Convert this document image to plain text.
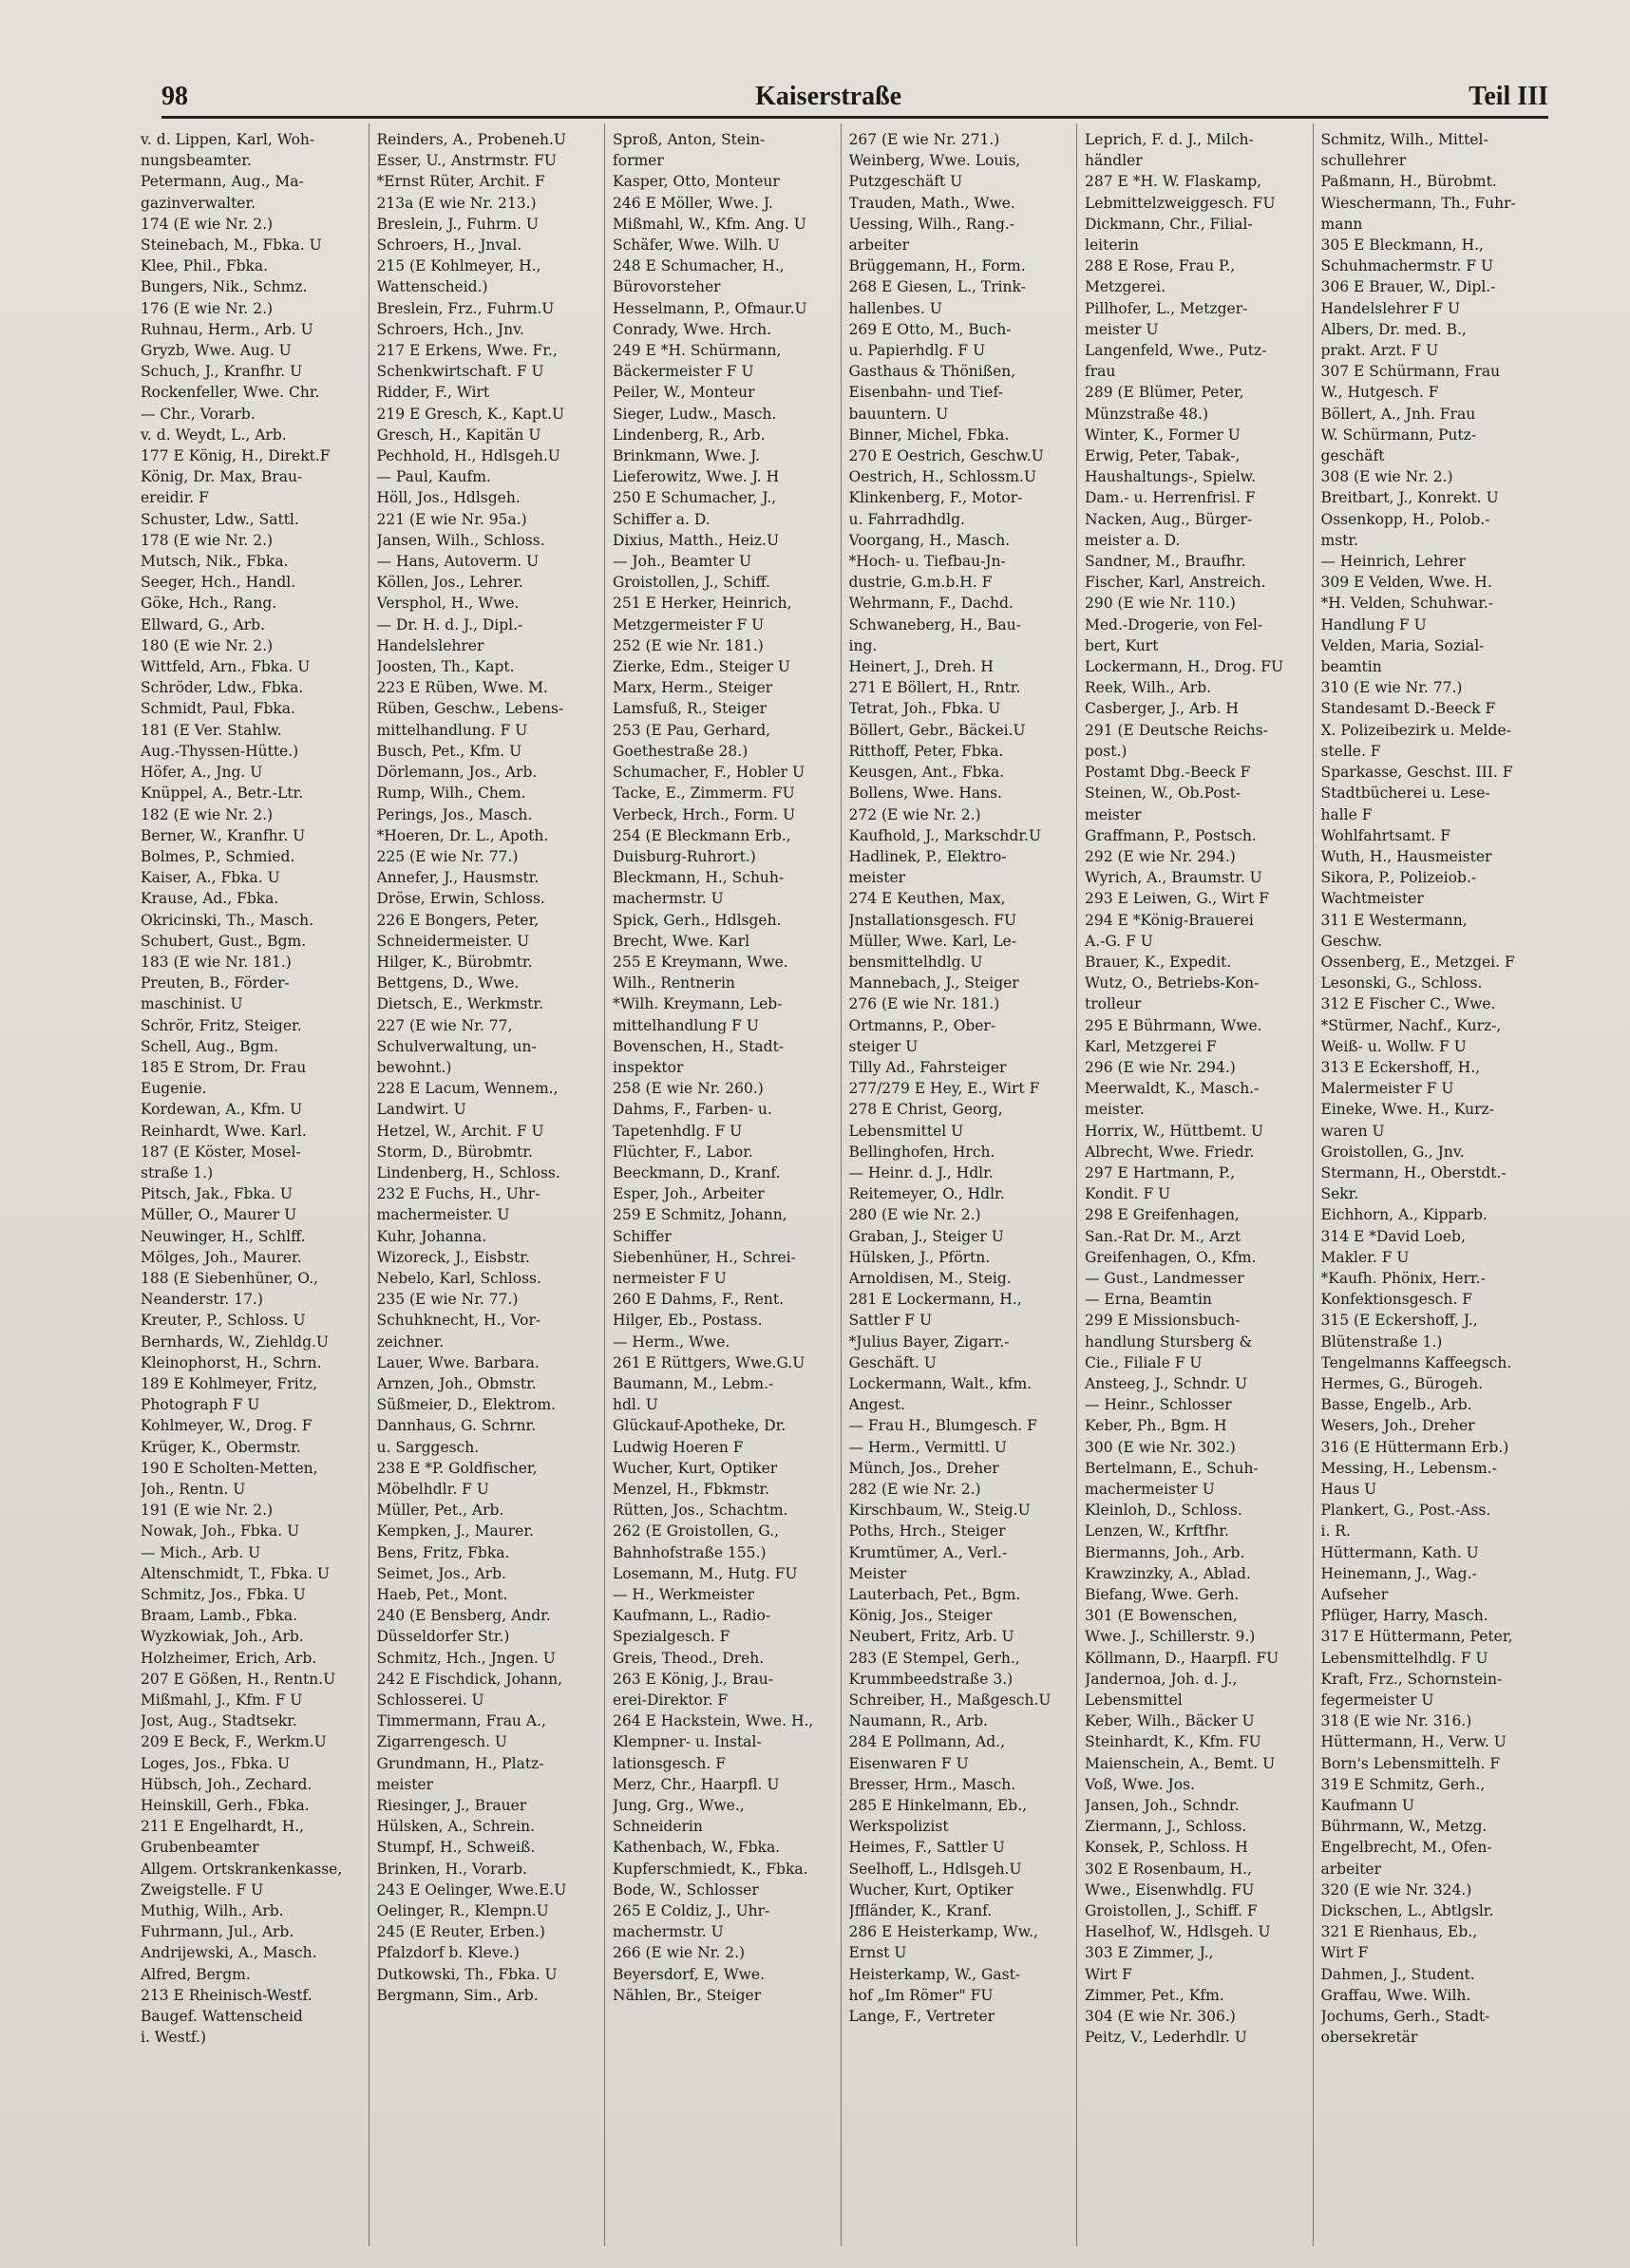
98	Kaiserstraße	Teil III
v. d. Lippen, Karl, Woh-
nungsbeamter.
Petermann, Aug., Ma-
gazinverwalter.
174 (E wie Nr. 2.)
Steinebach, M., Fbka. U
Klee, Phil., Fbka.
Bungers, Nik., Schmz.
176 (E wie Nr. 2.)
Ruhnau, Herm., Arb. U
Gryzb, Wwe. Aug. U
Schuch, J., Kranfhr. U
Rockenfeller, Wwe. Chr.
— Chr., Vorarb.
v. d. Weydt, L., Arb.
177 E König, H., Direkt.F
König, Dr. Max, Brau-
ereidir. F
Schuster, Ldw., Sattl.
178 (E wie Nr. 2.)
Mutsch, Nik., Fbka.
Seeger, Hch., Handl.
Göke, Hch., Rang.
Ellward, G., Arb.
180 (E wie Nr. 2.)
Wittfeld, Arn., Fbka. U
Schröder, Ldw., Fbka.
Schmidt, Paul, Fbka.
181 (E Ver. Stahlw.
Aug.-Thyssen-Hütte.)
Höfer, A., Jng. U
Knüppel, A., Betr.-Ltr.
182 (E wie Nr. 2.)
Berner, W., Kranfhr. U
Bolmes, P., Schmied.
Kaiser, A., Fbka. U
Krause, Ad., Fbka.
Okricinski, Th., Masch.
Schubert, Gust., Bgm.
183 (E wie Nr. 181.)
Preuten, B., Förder-
maschinist. U
Schrör, Fritz, Steiger.
Schell, Aug., Bgm.
185 E Strom, Dr. Frau
Eugenie.
Kordewan, A., Kfm. U
Reinhardt, Wwe. Karl.
187 (E Köster, Mosel-
straße 1.)
Pitsch, Jak., Fbka. U
Müller, O., Maurer U
Neuwinger, H., Schlff.
Mölges, Joh., Maurer.
188 (E Siebenhüner, O.,
Neanderstr. 17.)
Kreuter, P., Schloss. U
Bernhards, W., Ziehldg.U
Kleinophorst, H., Schrn.
189 E Kohlmeyer, Fritz,
Photograph F U
Kohlmeyer, W., Drog. F
Krüger, K., Obermstr.
190 E Scholten-Metten,
Joh., Rentn. U
191 (E wie Nr. 2.)
Nowak, Joh., Fbka. U
— Mich., Arb. U
Altenschmidt, T., Fbka. U
Schmitz, Jos., Fbka. U
Braam, Lamb., Fbka.
Wyzkowiak, Joh., Arb.
Holzheimer, Erich, Arb.
207 E Gößen, H., Rentn.U
Mißmahl, J., Kfm. F U
Jost, Aug., Stadtsekr.
209 E Beck, F., Werkm.U
Loges, Jos., Fbka. U
Hübsch, Joh., Zechard.
Heinskill, Gerh., Fbka.
211 E Engelhardt, H.,
Grubenbeamter
Allgem. Ortskrankenkasse,
Zweigstelle. F U
Muthig, Wilh., Arb.
Fuhrmann, Jul., Arb.
Andrijewski, A., Masch.
Alfred, Bergm.
213 E Rheinisch-Westf.
Baugef. Wattenscheid
i. Westf.)
Reinders, A., Probeneh.U
Esser, U., Anstrmstr. FU
*Ernst Rüter, Archit. F
213a (E wie Nr. 213.)
Breslein, J., Fuhrm. U
Schroers, H., Jnval.
215 (E Kohlmeyer, H.,
Wattenscheid.)
Breslein, Frz., Fuhrm.U
Schroers, Hch., Jnv.
217 E Erkens, Wwe. Fr.,
Schenkwirtschaft. F U
Ridder, F., Wirt
219 E Gresch, K., Kapt.U
Gresch, H., Kapitän U
Pechhold, H., Hdlsgeh.U
— Paul, Kaufm.
Höll, Jos., Hdlsgeh.
221 (E wie Nr. 95a.)
Jansen, Wilh., Schloss.
— Hans, Autoverm. U
Köllen, Jos., Lehrer.
Versphol, H., Wwe.
— Dr. H. d. J., Dipl.-
Handelslehrer
Joosten, Th., Kapt.
223 E Rüben, Wwe. M.
Rüben, Geschw., Lebens-
mittelhandlung. F U
Busch, Pet., Kfm. U
Dörlemann, Jos., Arb.
Rump, Wilh., Chem.
Perings, Jos., Masch.
*Hoeren, Dr. L., Apoth.
225 (E wie Nr. 77.)
Annefer, J., Hausmstr.
Dröse, Erwin, Schloss.
226 E Bongers, Peter,
Schneidermeister. U
Hilger, K., Bürobmtr.
Bettgens, D., Wwe.
Dietsch, E., Werkmstr.
227 (E wie Nr. 77,
Schulverwaltung, un-
bewohnt.)
228 E Lacum, Wennem.,
Landwirt. U
Hetzel, W., Archit. F U
Storm, D., Bürobmtr.
Lindenberg, H., Schloss.
232 E Fuchs, H., Uhr-
machermeister. U
Kuhr, Johanna.
Wizoreck, J., Eisbstr.
Nebelo, Karl, Schloss.
235 (E wie Nr. 77.)
Schuhknecht, H., Vor-
zeichner.
Lauer, Wwe. Barbara.
Arnzen, Joh., Obmstr.
Süßmeier, D., Elektrom.
Dannhaus, G. Schrnr.
u. Sarggesch.
238 E *P. Goldfischer,
Möbelhdlr. F U
Müller, Pet., Arb.
Kempken, J., Maurer.
Bens, Fritz, Fbka.
Seimet, Jos., Arb.
Haeb, Pet., Mont.
240 (E Bensberg, Andr.
Düsseldorfer Str.)
Schmitz, Hch., Jngen. U
242 E Fischdick, Johann,
Schlosserei. U
Timmermann, Frau A.,
Zigarrengesch. U
Grundmann, H., Platz-
meister
Riesinger, J., Brauer
Hülsken, A., Schrein.
Stumpf, H., Schweiß.
Brinken, H., Vorarb.
243 E Oelinger, Wwe.E.U
Oelinger, R., Klempn.U
245 (E Reuter, Erben.)
Pfalzdorf b. Kleve.)
Dutkowski, Th., Fbka. U
Bergmann, Sim., Arb.
Sproß, Anton, Stein-
former
Kasper, Otto, Monteur
246 E Möller, Wwe. J.
Mißmahl, W., Kfm. Ang. U
Schäfer, Wwe. Wilh. U
248 E Schumacher, H.,
Bürovorsteher
Hesselmann, P., Ofmaur.U
Conrady, Wwe. Hrch.
249 E *H. Schürmann,
Bäckermeister F U
Peiler, W., Monteur
Sieger, Ludw., Masch.
Lindenberg, R., Arb.
Brinkmann, Wwe. J.
Lieferowitz, Wwe. J. H
250 E Schumacher, J.,
Schiffer a. D.
Dixius, Matth., Heiz.U
— Joh., Beamter U
Groistollen, J., Schiff.
251 E Herker, Heinrich,
Metzgermeister F U
252 (E wie Nr. 181.)
Zierke, Edm., Steiger U
Marx, Herm., Steiger
Lamsfuß, R., Steiger
253 (E Pau, Gerhard,
Goethestraße 28.)
Schumacher, F., Hobler U
Tacke, E., Zimmerm. FU
Verbeck, Hrch., Form. U
254 (E Bleckmann Erb.,
Duisburg-Ruhrort.)
Bleckmann, H., Schuh-
machermstr. U
Spick, Gerh., Hdlsgeh.
Brecht, Wwe. Karl
255 E Kreymann, Wwe.
Wilh., Rentnerin
*Wilh. Kreymann, Leb-
mittelhandlung F U
Bovenschen, H., Stadt-
inspektor
258 (E wie Nr. 260.)
Dahms, F., Farben- u.
Tapetenhdlg. F U
Flüchter, F., Labor.
Beeckmann, D., Kranf.
Esper, Joh., Arbeiter
259 E Schmitz, Johann,
Schiffer
Siebenhüner, H., Schrei-
nermeister F U
260 E Dahms, F., Rent.
Hilger, Eb., Postass.
— Herm., Wwe.
261 E Rüttgers, Wwe.G.U
Baumann, M., Lebm.-
hdl. U
Glückauf-Apotheke, Dr.
Ludwig Hoeren F
Wucher, Kurt, Optiker
Menzel, H., Fbkmstr.
Rütten, Jos., Schachtm.
262 (E Groistollen, G.,
Bahnhofstraße 155.)
Losemann, M., Hutg. FU
— H., Werkmeister
Kaufmann, L., Radio-
Spezialgesch. F
Greis, Theod., Dreh.
263 E König, J., Brau-
erei-Direktor. F
264 E Hackstein, Wwe. H.,
Klempner- u. Instal-
lationsgesch. F
Merz, Chr., Haarpfl. U
Jung, Grg., Wwe.,
Schneiderin
Kathenbach, W., Fbka.
Kupferschmiedt, K., Fbka.
Bode, W., Schlosser
265 E Coldiz, J., Uhr-
machermstr. U
266 (E wie Nr. 2.)
Beyersdorf, E, Wwe.
Nählen, Br., Steiger
267 (E wie Nr. 271.)
Weinberg, Wwe. Louis,
Putzgeschäft U
Trauden, Math., Wwe.
Uessing, Wilh., Rang.-
arbeiter
Brüggemann, H., Form.
268 E Giesen, L., Trink-
hallenbes. U
269 E Otto, M., Buch-
u. Papierhdlg. F U
Gasthaus & Thönißen,
Eisenbahn- und Tief-
bauuntern. U
Binner, Michel, Fbka.
270 E Oestrich, Geschw.U
Oestrich, H., Schlossm.U
Klinkenberg, F., Motor-
u. Fahrradhdlg.
Voorgang, H., Masch.
*Hoch- u. Tiefbau-Jn-
dustrie, G.m.b.H. F
Wehrmann, F., Dachd.
Schwaneberg, H., Bau-
ing.
Heinert, J., Dreh. H
271 E Böllert, H., Rntr.
Tetrat, Joh., Fbka. U
Böllert, Gebr., Bäckei.U
Ritthoff, Peter, Fbka.
Keusgen, Ant., Fbka.
Bollens, Wwe. Hans.
272 (E wie Nr. 2.)
Kaufhold, J., Markschdr.U
Hadlinek, P., Elektro-
meister
274 E Keuthen, Max,
Jnstallationsgesch. FU
Müller, Wwe. Karl, Le-
bensmittelhdlg. U
Mannebach, J., Steiger
276 (E wie Nr. 181.)
Ortmanns, P., Ober-
steiger U
Tilly Ad., Fahrsteiger
277/279 E Hey, E., Wirt F
278 E Christ, Georg,
Lebensmittel U
Bellinghofen, Hrch.
— Heinr. d. J., Hdlr.
Reitemeyer, O., Hdlr.
280 (E wie Nr. 2.)
Graban, J., Steiger U
Hülsken, J., Pförtn.
Arnoldisen, M., Steig.
281 E Lockermann, H.,
Sattler F U
*Julius Bayer, Zigarr.-
Geschäft. U
Lockermann, Walt., kfm.
Angest.
— Frau H., Blumgesch. F
— Herm., Vermittl. U
Münch, Jos., Dreher
282 (E wie Nr. 2.)
Kirschbaum, W., Steig.U
Poths, Hrch., Steiger
Krumtümer, A., Verl.-
Meister
Lauterbach, Pet., Bgm.
König, Jos., Steiger
Neubert, Fritz, Arb. U
283 (E Stempel, Gerh.,
Krummbeedstraße 3.)
Schreiber, H., Maßgesch.U
Naumann, R., Arb.
284 E Pollmann, Ad.,
Eisenwaren F U
Bresser, Hrm., Masch.
285 E Hinkelmann, Eb.,
Werkspolizist
Heimes, F., Sattler U
Seelhoff, L., Hdlsgeh.U
Wucher, Kurt, Optiker
Jffländer, K., Kranf.
286 E Heisterkamp, Ww.,
Ernst U
Heisterkamp, W., Gast-
hof „Im Römer" FU
Lange, F., Vertreter
Leprich, F. d. J., Milch-
händler
287 E *H. W. Flaskamp,
Lebmittelzweiggesch. FU
Dickmann, Chr., Filial-
leiterin
288 E Rose, Frau P.,
Metzgerei.
Pillhofer, L., Metzger-
meister U
Langenfeld, Wwe., Putz-
frau
289 (E Blümer, Peter,
Münzstraße 48.)
Winter, K., Former U
Erwig, Peter, Tabak-,
Haushaltungs-, Spielw.
Dam.- u. Herrenfrisl. F
Nacken, Aug., Bürger-
meister a. D.
Sandner, M., Braufhr.
Fischer, Karl, Anstreich.
290 (E wie Nr. 110.)
Med.-Drogerie, von Fel-
bert, Kurt
Lockermann, H., Drog. FU
Reek, Wilh., Arb.
Casberger, J., Arb. H
291 (E Deutsche Reichs-
post.)
Postamt Dbg.-Beeck F
Steinen, W., Ob.Post-
meister
Graffmann, P., Postsch.
292 (E wie Nr. 294.)
Wyrich, A., Braumstr. U
293 E Leiwen, G., Wirt F
294 E *König-Brauerei
A.-G. F U
Brauer, K., Expedit.
Wutz, O., Betriebs-Kon-
trolleur
295 E Bührmann, Wwe.
Karl, Metzgerei F
296 (E wie Nr. 294.)
Meerwaldt, K., Masch.-
meister.
Horrix, W., Hüttbemt. U
Albrecht, Wwe. Friedr.
297 E Hartmann, P.,
Kondit. F U
298 E Greifenhagen,
San.-Rat Dr. M., Arzt
Greifenhagen, O., Kfm.
— Gust., Landmesser
— Erna, Beamtin
299 E Missionsbuch-
handlung Stursberg &
Cie., Filiale F U
Ansteeg, J., Schndr. U
— Heinr., Schlosser
Keber, Ph., Bgm. H
300 (E wie Nr. 302.)
Bertelmann, E., Schuh-
machermeister U
Kleinloh, D., Schloss.
Lenzen, W., Krftfhr.
Biermanns, Joh., Arb.
Krawzinzky, A., Ablad.
Biefang, Wwe. Gerh.
301 (E Bowenschen,
Wwe. J., Schillerstr. 9.)
Köllmann, D., Haarpfl. FU
Jandernoa, Joh. d. J.,
Lebensmittel
Keber, Wilh., Bäcker U
Steinhardt, K., Kfm. FU
Maienschein, A., Bemt. U
Voß, Wwe. Jos.
Jansen, Joh., Schndr.
Ziermann, J., Schloss.
Konsek, P., Schloss. H
302 E Rosenbaum, H.,
Wwe., Eisenwhdlg. FU
Groistollen, J., Schiff. F
Haselhof, W., Hdlsgeh. U
303 E Zimmer, J.,
Wirt F
Zimmer, Pet., Kfm.
304 (E wie Nr. 306.)
Peitz, V., Lederhdlr. U
Schmitz, Wilh., Mittel-
schullehrer
Paßmann, H., Bürobmt.
Wieschermann, Th., Fuhr-
mann
305 E Bleckmann, H.,
Schuhmachermstr. F U
306 E Brauer, W., Dipl.-
Handelslehrer F U
Albers, Dr. med. B.,
prakt. Arzt. F U
307 E Schürmann, Frau
W., Hutgesch. F
Böllert, A., Jnh. Frau
W. Schürmann, Putz-
geschäft
308 (E wie Nr. 2.)
Breitbart, J., Konrekt. U
Ossenkopp, H., Polob.-
mstr.
— Heinrich, Lehrer
309 E Velden, Wwe. H.
*H. Velden, Schuhwar.-
Handlung F U
Velden, Maria, Sozial-
beamtin
310 (E wie Nr. 77.)
Standesamt D.-Beeck F
X. Polizeibezirk u. Melde-
stelle. F
Sparkasse, Geschst. III. F
Stadtbücherei u. Lese-
halle F
Wohlfahrtsamt. F
Wuth, H., Hausmeister
Sikora, P., Polizeiob.-
Wachtmeister
311 E Westermann,
Geschw.
Ossenberg, E., Metzgei. F
Lesonski, G., Schloss.
312 E Fischer C., Wwe.
*Stürmer, Nachf., Kurz-,
Weiß- u. Wollw. F U
313 E Eckershoff, H.,
Malermeister F U
Eineke, Wwe. H., Kurz-
waren U
Groistollen, G., Jnv.
Stermann, H., Oberstdt.-
Sekr.
Eichhorn, A., Kipparb.
314 E *David Loeb,
Makler. F U
*Kaufh. Phönix, Herr.-
Konfektionsgesch. F
315 (E Eckershoff, J.,
Blütenstraße 1.)
Tengelmanns Kaffeegsch.
Hermes, G., Bürogeh.
Basse, Engelb., Arb.
Wesers, Joh., Dreher
316 (E Hüttermann Erb.)
Messing, H., Lebensm.-
Haus U
Plankert, G., Post.-Ass.
i. R.
Hüttermann, Kath. U
Heinemann, J., Wag.-
Aufseher
Pflüger, Harry, Masch.
317 E Hüttermann, Peter,
Lebensmittelhdlg. F U
Kraft, Frz., Schornstein-
fegermeister U
318 (E wie Nr. 316.)
Hüttermann, H., Verw. U
Born's Lebensmittelh. F
319 E Schmitz, Gerh.,
Kaufmann U
Bührmann, W., Metzg.
Engelbrecht, M., Ofen-
arbeiter
320 (E wie Nr. 324.)
Dickschen, L., Abtlgslr.
321 E Rienhaus, Eb.,
Wirt F
Dahmen, J., Student.
Graffau, Wwe. Wilh.
Jochums, Gerh., Stadt-
obersekretär
